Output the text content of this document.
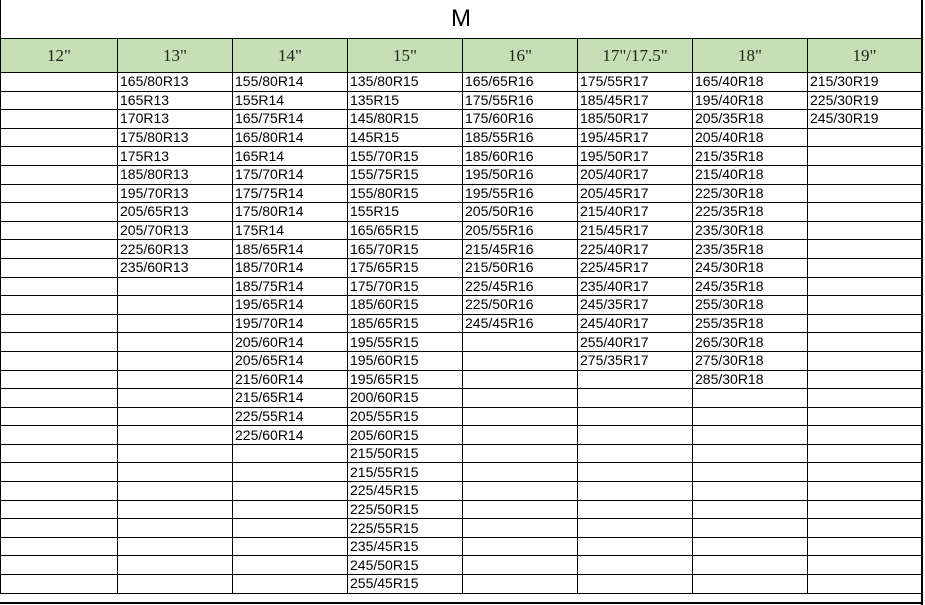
M							
12"	13"	14"	15"	16"	17"/17.5"	18"	19"
	165/80R13	155/80R14	135/80R15	165/65R16	175/55R17	165/40R18	215/30R19
	165R13	155R14	135R15	175/55R16	185/45R17	195/40R18	225/30R19
	170R13	165/75R14	145/80R15	175/60R16	185/50R17	205/35R18	245/30R19
	175/80R13	165/80R14	145R15	185/55R16	195/45R17	205/40R18	
	175R13	165R14	155/70R15	185/60R16	195/50R17	215/35R18	
	185/80R13	175/70R14	155/75R15	195/50R16	205/40R17	215/40R18	
	195/70R13	175/75R14	155/80R15	195/55R16	205/45R17	225/30R18	
	205/65R13	175/80R14	155R15	205/50R16	215/40R17	225/35R18	
	205/70R13	175R14	165/65R15	205/55R16	215/45R17	235/30R18	
	225/60R13	185/65R14	165/70R15	215/45R16	225/40R17	235/35R18	
	235/60R13	185/70R14	175/65R15	215/50R16	225/45R17	245/30R18	
		185/75R14	175/70R15	225/45R16	235/40R17	245/35R18	
		195/65R14	185/60R15	225/50R16	245/35R17	255/30R18	
		195/70R14	185/65R15	245/45R16	245/40R17	255/35R18	
		205/60R14	195/55R15		255/40R17	265/30R18	
		205/65R14	195/60R15		275/35R17	275/30R18	
		215/60R14	195/65R15			285/30R18	
		215/65R14	200/60R15				
		225/55R14	205/55R15				
		225/60R14	205/60R15				
			215/50R15				
			215/55R15				
			225/45R15				
			225/50R15				
			225/55R15				
			235/45R15				
			245/50R15				
			255/45R15				
